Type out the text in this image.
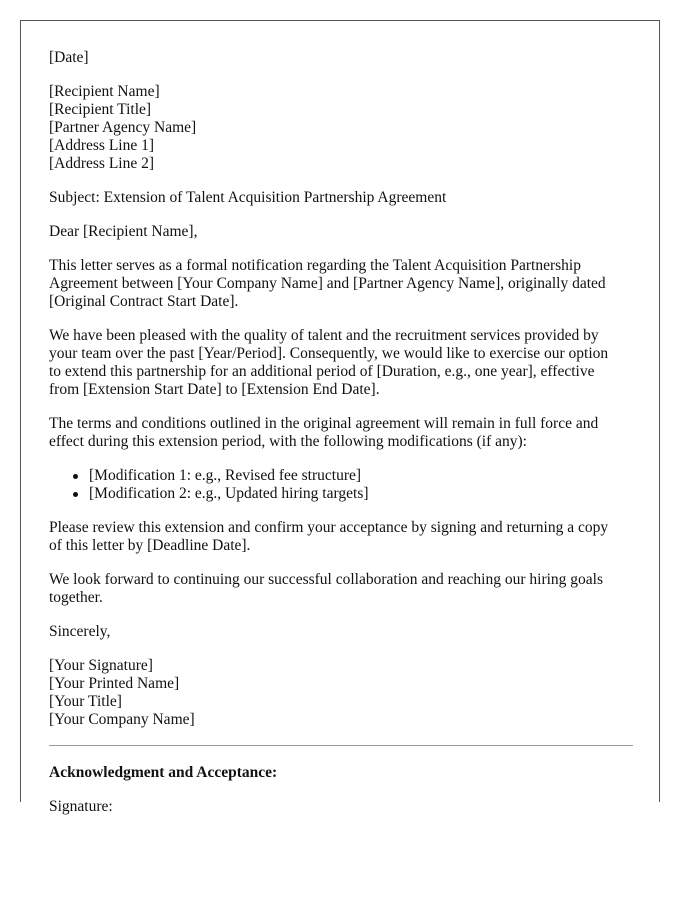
[Date]
[Recipient Name]
[Recipient Title]
[Partner Agency Name]
[Address Line 1]
[Address Line 2]

Subject: Extension of Talent Acquisition Partnership Agreement

Dear [Recipient Name],

This letter serves as a formal notification regarding the Talent Acquisition Partnership
Agreement between [Your Company Name] and [Partner Agency Name], originally dated
[Original Contract Start Date].

We have been pleased with the quality of talent and the recruitment services provided by
your team over the past [Year/Period]. Consequently, we would like to exercise our option
to extend this partnership for an additional period of [Duration, e.g., one year], effective
from [Extension Start Date] to [Extension End Date].

The terms and conditions outlined in the original agreement will remain in full force and
effect during this extension period, with the following modifications (if any):

[Modification 1: e.g., Revised fee structure]
[Modification 2: e.g., Updated hiring targets]

Please review this extension and confirm your acceptance by signing and returning a copy
of this letter by [Deadline Date].

We look forward to continuing our successful collaboration and reaching our hiring goals
together.

Sincerely,

[Your Signature]
[Your Printed Name]
[Your Title]
[Your Company Name]
Acknowledgment and Acceptance:
Signature:
